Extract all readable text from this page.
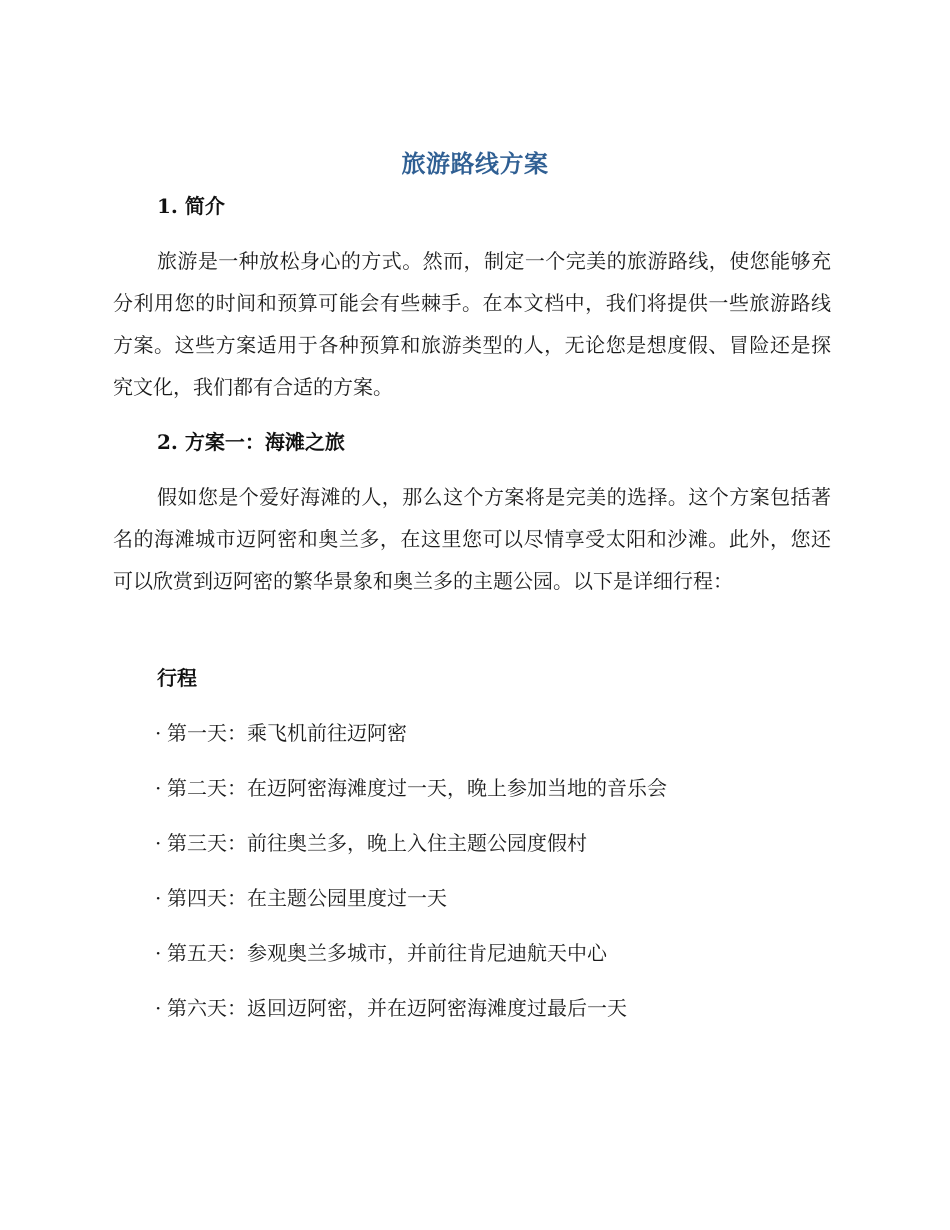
旅游路线方案
1. 简介
旅游是一种放松身心的方式。然而，制定一个完美的旅游路线，使您能够充分利用您的时间和预算可能会有些棘手。在本文档中，我们将提供一些旅游路线方案。这些方案适用于各种预算和旅游类型的人，无论您是想度假、冒险还是探究文化，我们都有合适的方案。
2. 方案一：海滩之旅
假如您是个爱好海滩的人，那么这个方案将是完美的选择。这个方案包括著名的海滩城市迈阿密和奥兰多，在这里您可以尽情享受太阳和沙滩。此外，您还可以欣赏到迈阿密的繁华景象和奥兰多的主题公园。以下是详细行程：
行程
· 第一天：乘飞机前往迈阿密
· 第二天：在迈阿密海滩度过一天，晚上参加当地的音乐会
· 第三天：前往奥兰多，晚上入住主题公园度假村
· 第四天：在主题公园里度过一天
· 第五天：参观奥兰多城市，并前往肯尼迪航天中心
· 第六天：返回迈阿密，并在迈阿密海滩度过最后一天
